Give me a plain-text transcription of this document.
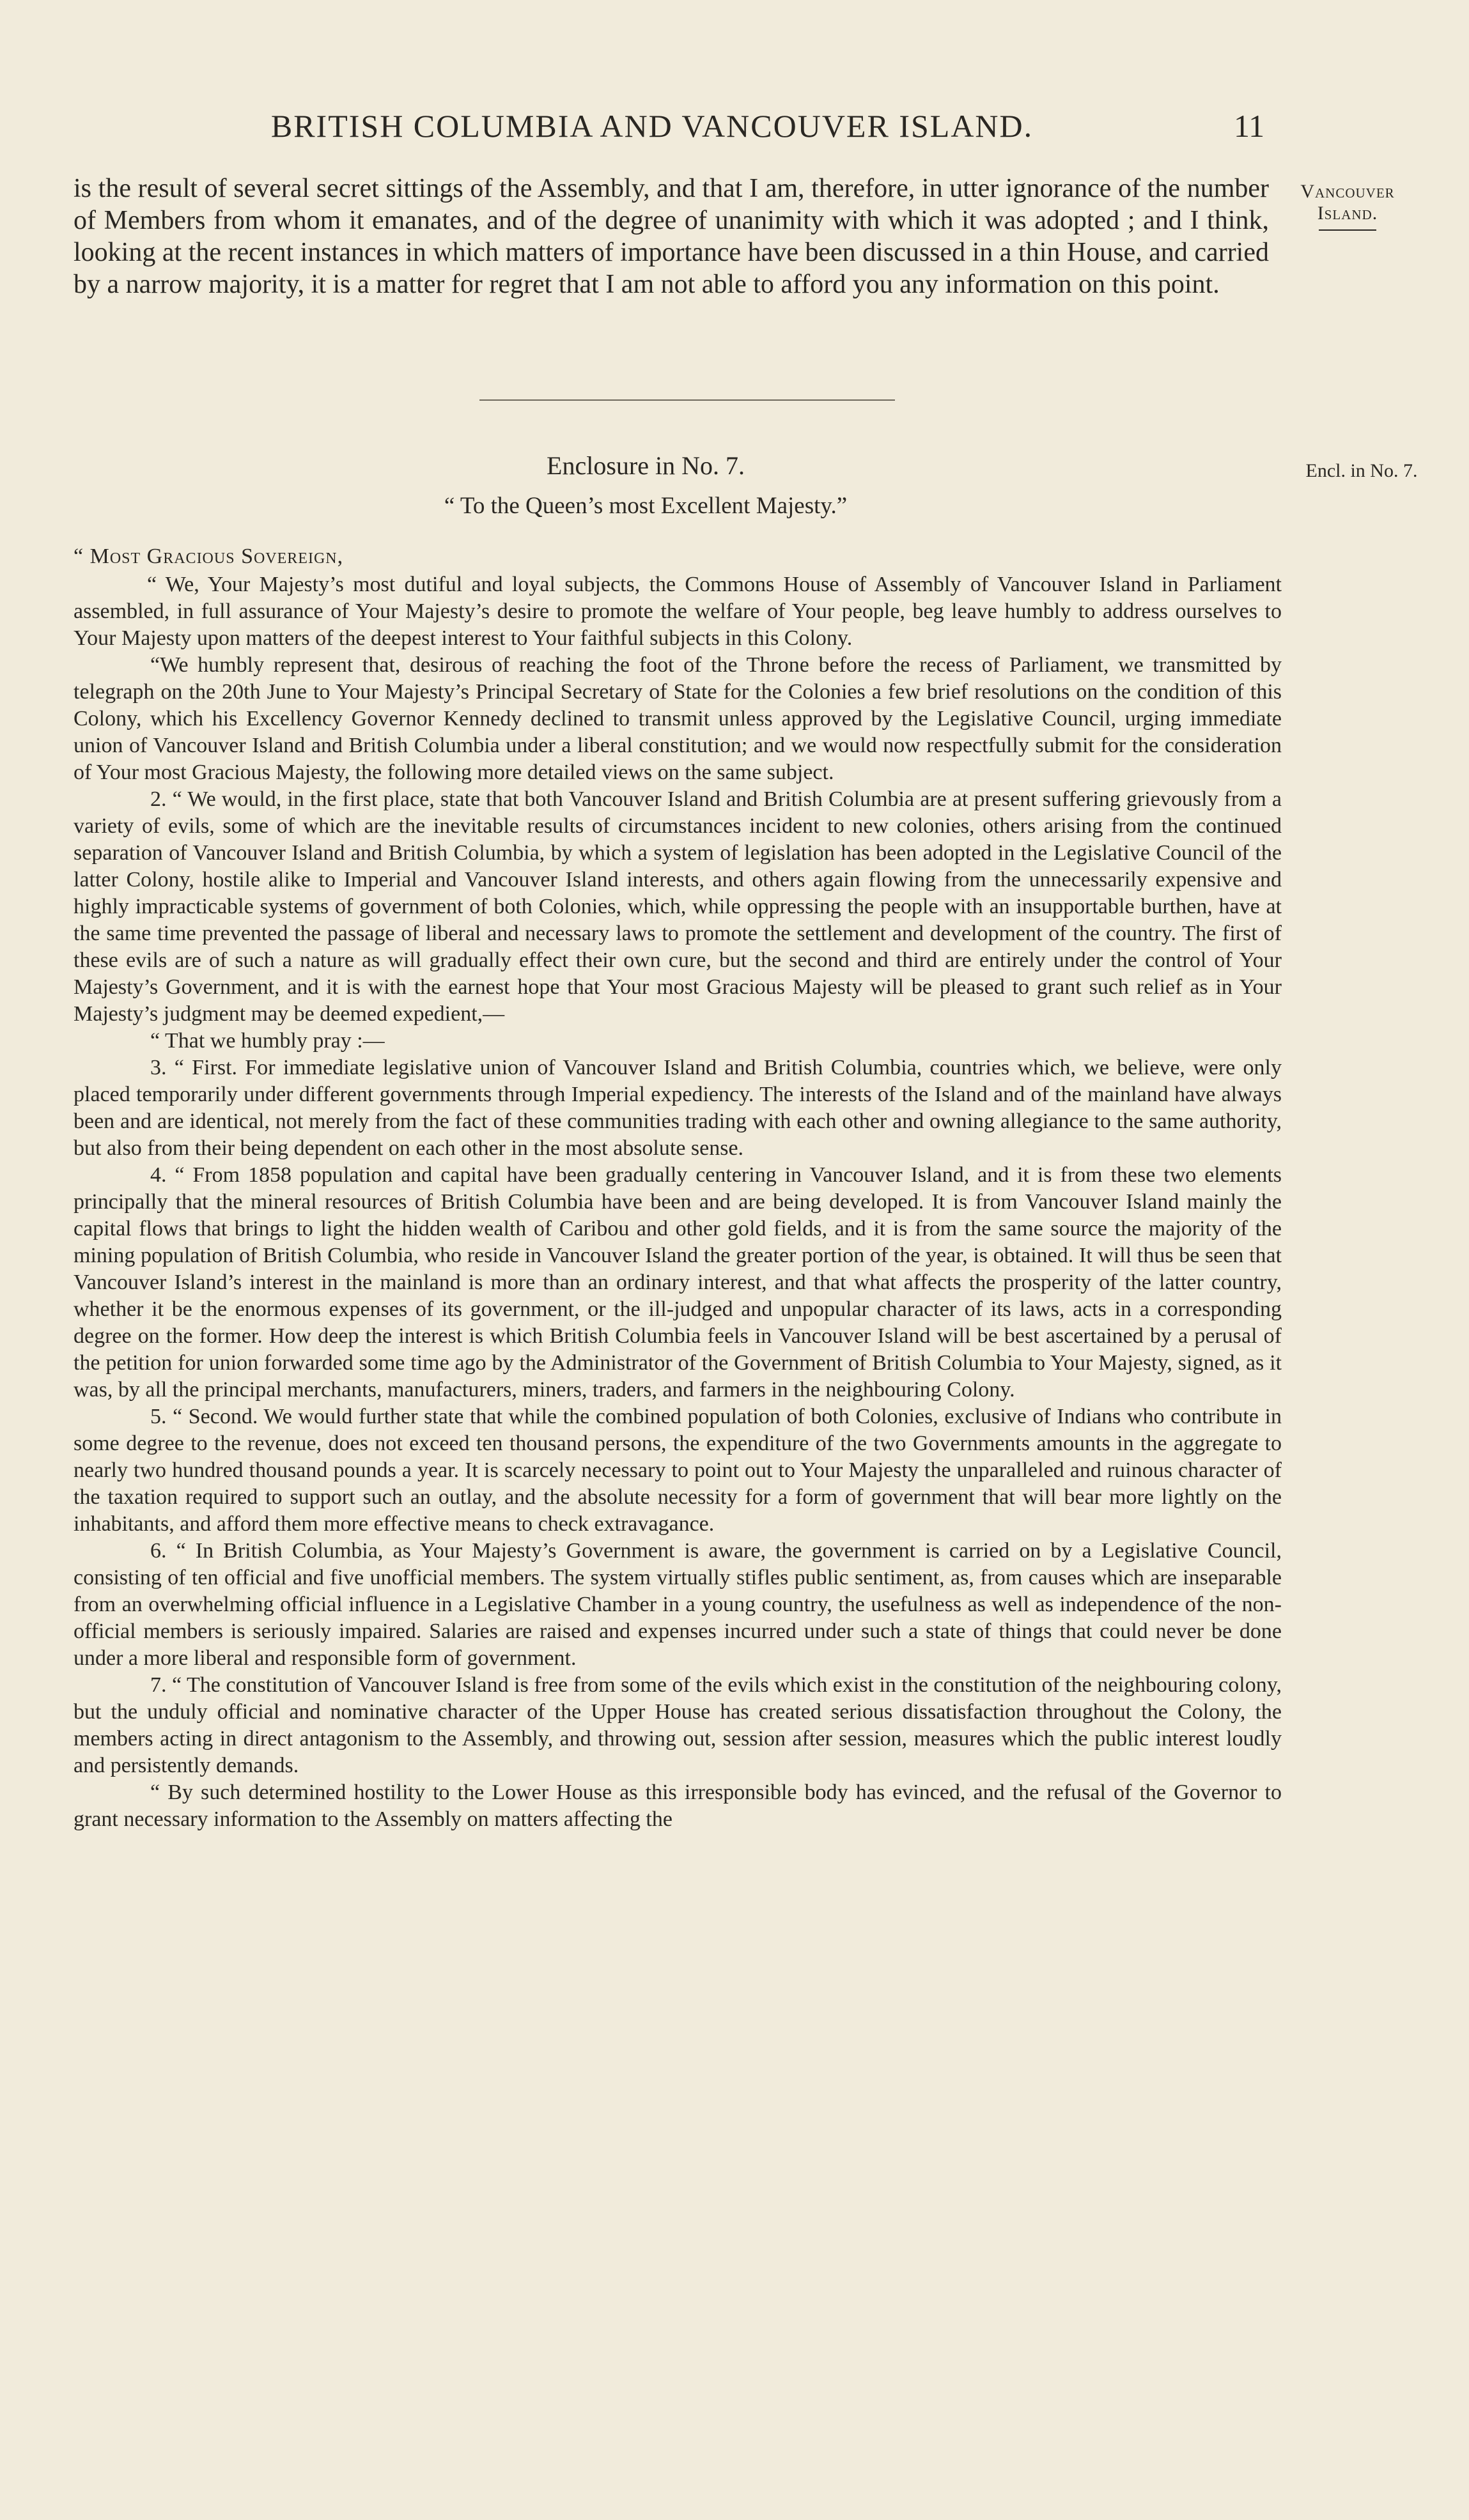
BRITISH COLUMBIA AND VANCOUVER ISLAND.	11
Vancouver
Island.
is the result of several secret sittings of the Assembly, and that I am, therefore, in utter ignorance of the number of Members from whom it emanates, and of the degree of unanimity with which it was adopted ; and I think, looking at the recent instances in which matters of importance have been discussed in a thin House, and carried by a narrow majority, it is a matter for regret that I am not able to afford you any information on this point.
Enclosure in No. 7.	Encl. in No. 7.
“ To the Queen’s most Excellent Majesty.”

“ Most Gracious Sovereign,

“ We, Your Majesty’s most dutiful and loyal subjects, the Commons House of Assembly of Vancouver Island in Parliament assembled, in full assurance of Your Majesty’s desire to promote the welfare of Your people, beg leave humbly to address ourselves to Your Majesty upon matters of the deepest interest to Your faithful subjects in this Colony.

“We humbly represent that, desirous of reaching the foot of the Throne before the recess of Parliament, we transmitted by telegraph on the 20th June to Your Majesty’s Principal Secretary of State for the Colonies a few brief resolutions on the condition of this Colony, which his Excellency Governor Kennedy declined to transmit unless approved by the Legislative Council, urging immediate union of Vancouver Island and British Columbia under a liberal constitution; and we would now respectfully submit for the consideration of Your most Gracious Majesty, the following more detailed views on the same subject.

2. “ We would, in the first place, state that both Vancouver Island and British Columbia are at present suffering grievously from a variety of evils, some of which are the inevitable results of circumstances incident to new colonies, others arising from the continued separation of Vancouver Island and British Columbia, by which a system of legislation has been adopted in the Legislative Council of the latter Colony, hostile alike to Imperial and Vancouver Island interests, and others again flowing from the unnecessarily expensive and highly impracticable systems of government of both Colonies, which, while oppressing the people with an insupportable burthen, have at the same time prevented the passage of liberal and necessary laws to promote the settlement and development of the country. The first of these evils are of such a nature as will gradually effect their own cure, but the second and third are entirely under the control of Your Majesty’s Government, and it is with the earnest hope that Your most Gracious Majesty will be pleased to grant such relief as in Your Majesty’s judgment may be deemed expedient,—

“ That we humbly pray :—

3. “ First. For immediate legislative union of Vancouver Island and British Columbia, countries which, we believe, were only placed temporarily under different governments through Imperial expediency. The interests of the Island and of the mainland have always been and are identical, not merely from the fact of these communities trading with each other and owning allegiance to the same authority, but also from their being dependent on each other in the most absolute sense.

4. “ From 1858 population and capital have been gradually centering in Vancouver Island, and it is from these two elements principally that the mineral resources of British Columbia have been and are being developed. It is from Vancouver Island mainly the capital flows that brings to light the hidden wealth of Caribou and other gold fields, and it is from the same source the majority of the mining population of British Columbia, who reside in Vancouver Island the greater portion of the year, is obtained. It will thus be seen that Vancouver Island’s interest in the mainland is more than an ordinary interest, and that what affects the prosperity of the latter country, whether it be the enormous expenses of its government, or the ill-judged and unpopular character of its laws, acts in a corresponding degree on the former. How deep the interest is which British Columbia feels in Vancouver Island will be best ascertained by a perusal of the petition for union forwarded some time ago by the Administrator of the Government of British Columbia to Your Majesty, signed, as it was, by all the principal merchants, manufacturers, miners, traders, and farmers in the neighbouring Colony.

5. “ Second. We would further state that while the combined population of both Colonies, exclusive of Indians who contribute in some degree to the revenue, does not exceed ten thousand persons, the expenditure of the two Governments amounts in the aggregate to nearly two hundred thousand pounds a year. It is scarcely necessary to point out to Your Majesty the unparalleled and ruinous character of the taxation required to support such an outlay, and the absolute necessity for a form of government that will bear more lightly on the inhabitants, and afford them more effective means to check extravagance.

6. “ In British Columbia, as Your Majesty’s Government is aware, the government is carried on by a Legislative Council, consisting of ten official and five unofficial members. The system virtually stifles public sentiment, as, from causes which are inseparable from an overwhelming official influence in a Legislative Chamber in a young country, the usefulness as well as independence of the non-official members is seriously impaired. Salaries are raised and expenses incurred under such a state of things that could never be done under a more liberal and responsible form of government.

7. “ The constitution of Vancouver Island is free from some of the evils which exist in the constitution of the neighbouring colony, but the unduly official and nominative character of the Upper House has created serious dissatisfaction throughout the Colony, the members acting in direct antagonism to the Assembly, and throwing out, session after session, measures which the public interest loudly and persistently demands.

“ By such determined hostility to the Lower House as this irresponsible body has evinced, and the refusal of the Governor to grant necessary information to the Assembly on matters affecting the
